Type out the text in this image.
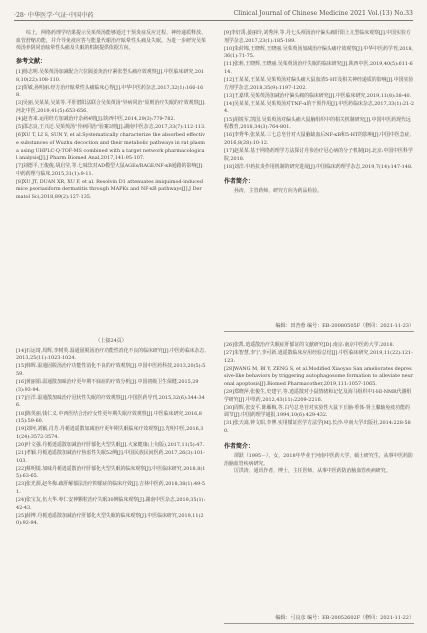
·28· 中华医学·气证·中国中药	Clinical Journal of Chinese Medicine 2021 Vol.(13) No.33

综上，网络药理学结果提示吴茱萸汤能够通过干预炎症反应过程、神经递质释放、血管舒缩功能，并介导免疫应答与能量代谢治疗眩晕性头痛及失眠。为进一步研究吴茱萸汤养阴同治眩晕性头痛及失眠的机制提供依据方向。

参考文献：

[1]杨志明.吴茱萸汤加减配合穴位隔姜灸治疗紧张型头痛疗效观察[J].中医临床研究,2018,10(22):108-110.

[2]贺敏,孙明丽.经方治疗眩晕性头痛临床心得[J].中华中医药杂志,2017,32(1):166-168.

[3]吴丽,吴某某,吴某等.平肝潜阳法联合吴茱萸汤"异病同治"原则治疗失眠的疗效观察[J].河北中医,2019,41(5):653-656.

[4]赵杏来.运用经方加减治疗杂病4则[J].陕西中医,2014,29(3):779-782.

[5]邵志良,王兴迁.吴茱萸汤"异病同治"验案3则[J].湖南中医杂志,2017,33(7):112-113.

[6]XU T, LI S, SUN Y, et al.Systematically characterize the absorbed effective substances of Wuzhu decoction and their metabolic pathways in rat plasma using UHPLC-Q-TOF-MS combined with a target network pharmacological analysis[J].J Pharm Biomed Anal,2017,141:95-107.

[7]刘德平,王俊俊,胡启莹,等.七味饮对AD模型大鼠AGEs/RAGE/NF-κB通路的影响[J].中药药理与临床,2015,31(1):9-11.

[8]XU JT, DUAN XR, XU F, et al. Resolvin D1 attenuates imiquimod-induced mice psoriasiform dermatitis through MAPKs and NF-κB pathways[J].J Dermatol Sci,2018,89(2):127-135.

[9]李好禹,晏丽玲,刘秀萍,等.丹七头颅汤治疗偏头痛肝阳上亢型临床观察[J].中国实验方剂学杂志,2017,23(1):185-189.

[10]朱莳锦,王晓辉,王晓丽.吴茱萸汤加减治疗偏头痛疗效观察[J].中华中医药学刊,2018,36(1):71-75.

[11]张莉,王晓辉,王晓丽.吴茱萸汤治疗失眠的临床研究[J].陕西中医,2019,40(5):611-614.

[12]王某某,王某某.吴茱萸汤对偏头痛大鼠血清5-HT及相关神经递质的影响[J].中国实验方剂学杂志,2018,35(9):1197-1202.

[13]王嘉琪.吴茱萸汤加减治疗偏头痛的临床研究[J].中医临床研究,2019,11(8):38-40.

[14]吴某某,王某某.吴茱萸汤对TNF-α的干预作用[J].中医药临床杂志,2017,33(1):21-24.

[15]胡锐军,凯国.吴茱萸汤对偏头痛大鼠脑组织中的相关机制研究[J].中国中医药现代远程教育,2018,34(3):764-801.

[16]李秀华,张某某.三七总皂苷对大鼠脑缺血后NF-κB和5-HT的影响[J].中国中医急症,2016,8(28):10-12.

[17]赵某某.基于网络药理学方法探讨丹参治疗冠心病的分子机制[D].北京:中国中医科学院,2018.

[18]刘洋.中药抗炎作用机制的研究进展[J].中国临床药理学杂志,2019,7(14):147-148.

作者简介：

孙涛，主管药师，研究方向为药品检验。

编辑：田杏蓉 编号：EB-20080505F（修回：2021-11-23）
（上接24页）

[14]石运琦,周辉,李树英.温通固脱汤治疗功能性消化不良的临床研究[J].中医药临床杂志,2013,25(11):1023-1024.

[15]韩辉.温通固脱汤治疗功能性消化不良的疗效观察[J].中国中医药科技,2013,20(5):559.

[16]黄丽娟.温通散加味治疗更年期不寐症的疗效分析[J].中国初级卫生保健,2015,29(3):93-94.

[17]汪洋.温通散加味治疗冠状性失眠的疗效观察[J].中国医药导刊,2015,32(6):344-346.

[18]陈英丽,钱仁义.中西医结合治疗女性更年期失眠疗效观察[J].中医临床研究,2016,8(15):59-60.

[19]刘珂,刘颖,肖芳.丹栀逍遥散加减治疗更年期失眠临床疗效观察[J].光明中医,2016,31(24):3572-3574.

[20]叶文强.丹栀逍遥散加减治疗肝郁化火型失眠[J].大家健康(上旬版),2017,11(5):47.

[21]孝颖.丹栀逍遥散加减治疗焦虑性失眠52例[J].中国民族民间医药,2017,26(3):101-103.

[22]蔡明镜.加味丹栀逍遥散治疗肝郁化火型失眠的临床观察[J].中医临床研究,2018,8(15):63-65.

[23]张光源,赵冬梅.疏肝解郁法治疗抑郁症的临床疗效[J].吉林中医药,2018,38(1):49-51.

[24]张宝友,伍大华.枣仁安神颗粒治疗失眠30例临床观察[J].湖南中医杂志,2019,35(1):42-43.

[25]薛博.丹栀逍遥散加减治疗肝郁化火型失眠的临床观察[J].中医临床研究,2019,11(20):92-94.

[26]张凯.逍遥散治疗失眠症肝郁证的文献研究[D].南京:南京中医药大学,2018.

[27]朱智慧,李宁,李可新.逍遥散临床应用经验总结[J].中医临床研究,2019,11(22):121-123.

[28]WANG M, BI Y, ZENG S, et al.Modified Xiaoyao San ameliorates depressive-like behaviors by triggering autophagosome formation to alleviate neuronal apoptosis[J].Biomed Pharmacother,2019,111:1057-1065.

[29]郑晓萍,张俊生,史建宇,等.逍遥散对小鼠情绪和记忆及海马组织中Ⅰ-HI-NMR代谢组学研究[J].中草药,2012,43(11):2209-2216.

[30]周辉,张安平,陈雁梅,等.白芍总皂苷对实验性大鼠下丘脑-垂体-肾上腺轴免疫功能的调节[J].中国药理学通报,1994,10(6):429-432.

[31]张天嵩,钟文昭,李博.实用循证医学方法学[M].长沙:中南大学出版社,2014:228-580.

作者简介：

谭跃（1995－），女，2018年毕业于河南中医药大学，硕士研究生，从事中医药防治脑血管疾病研究。

厉洪涛，通讯作者，博士，主任医师，从事中医药防治脑血管疾病研究。

编辑：弓良彦 编号：EB-20052602F（修回：2021-11-22）
